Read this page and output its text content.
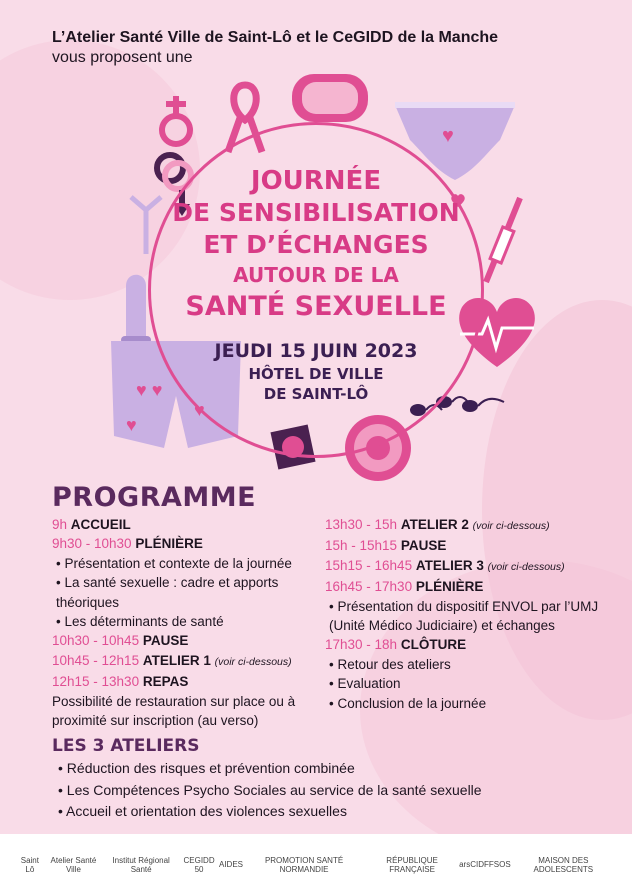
L’Atelier Santé Ville de Saint-Lô et le CeGIDD de la Manche
vous proposent une
♥
♥ ♥
♥
♥
JOURNÉE
DE SENSIBILISATION
ET D’ÉCHANGES
AUTOUR DE LA
SANTÉ SEXUELLE
JEUDI 15 JUIN 2023
HÔTEL DE VILLE
DE SAINT-LÔ
PROGRAMME
9h ACCUEIL
9h30 - 10h30 PLÉNIÈRE
• Présentation et contexte de la journée
• La santé sexuelle : cadre et apports théoriques
• Les déterminants de santé
10h30 - 10h45 PAUSE
10h45 - 12h15 ATELIER 1 (voir ci-dessous)
12h15 - 13h30 REPAS
Possibilité de restauration sur place ou à proximité sur inscription (au verso)
13h30 - 15h ATELIER 2 (voir ci-dessous)
15h - 15h15 PAUSE
15h15 - 16h45 ATELIER 3 (voir ci-dessous)
16h45 - 17h30 PLÉNIÈRE
• Présentation du dispositif ENVOL par l’UMJ (Unité Médico Judiciaire) et échanges
17h30 - 18h CLÔTURE
• Retour des ateliers
• Evaluation
• Conclusion de la journée
LES 3 ATELIERS
• Réduction des risques et prévention combinée
• Les Compétences Psycho Sociales au service de la santé sexuelle
• Accueil et orientation des violences sexuelles
Saint Lô
Atelier Santé Ville
Institut Régional Santé
CEGIDD 50	AIDES	PROMOTION SANTÉ NORMANDIE
RÉPUBLIQUE FRANÇAISE	ars CIDFF SOS	MAISON DES ADOLESCENTS
